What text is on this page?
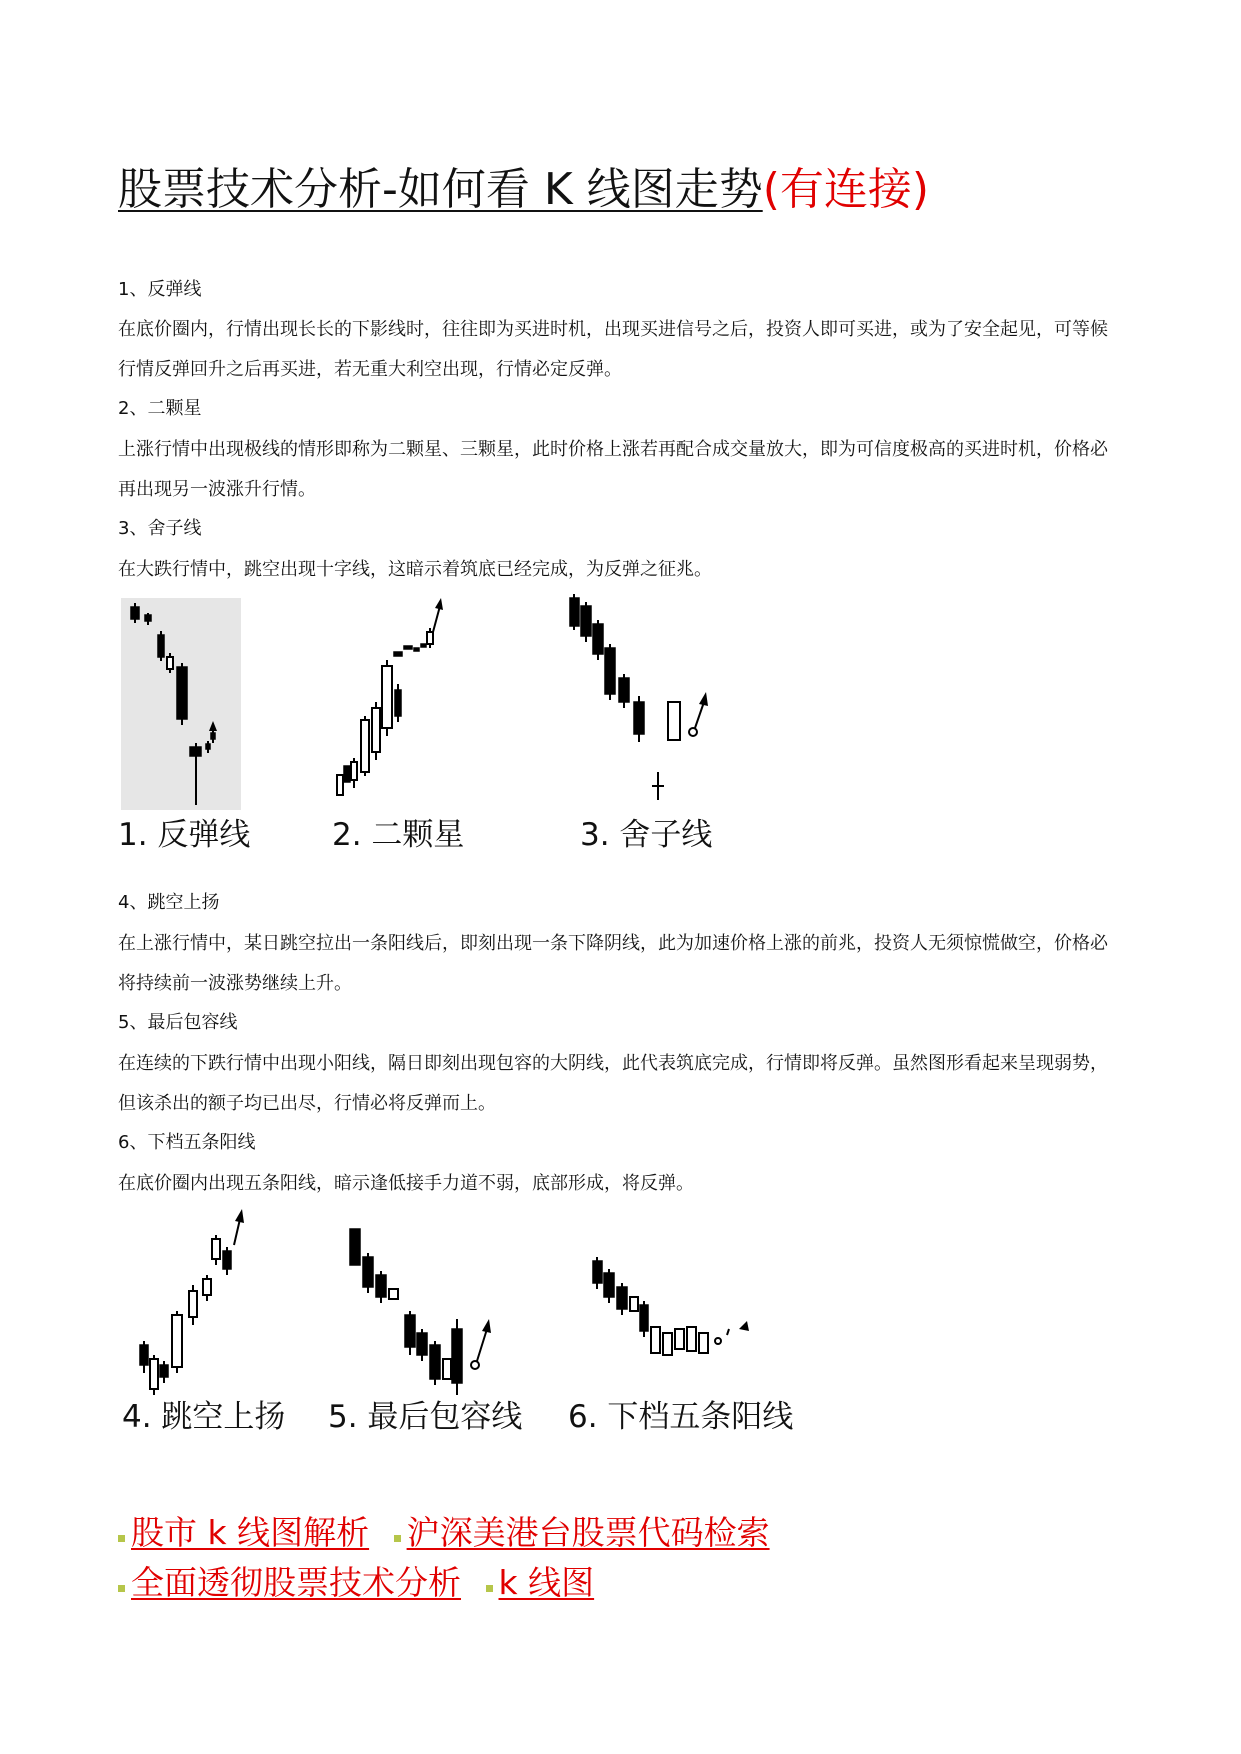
股票技术分析-如何看 K 线图走势(有连接)
1、反弹线
在底价圈内，行情出现长长的下影线时，往往即为买进时机，出现买进信号之后，投资人即可买进，或为了安全起见，可等候行情反弹回升之后再买进，若无重大利空出现，行情必定反弹。
2、二颗星
上涨行情中出现极线的情形即称为二颗星、三颗星，此时价格上涨若再配合成交量放大，即为可信度极高的买进时机，价格必再出现另一波涨升行情。
3、舍子线
在大跌行情中，跳空出现十字线，这暗示着筑底已经完成，为反弹之征兆。
1. 反弹线	2. 二颗星	3. 舍子线
4、跳空上扬
在上涨行情中，某日跳空拉出一条阳线后，即刻出现一条下降阴线，此为加速价格上涨的前兆，投资人无须惊慌做空，价格必将持续前一波涨势继续上升。
5、最后包容线
在连续的下跌行情中出现小阳线，隔日即刻出现包容的大阴线，此代表筑底完成，行情即将反弹。虽然图形看起来呈现弱势，但该杀出的额子均已出尽，行情必将反弹而上。
6、下档五条阳线
在底价圈内出现五条阳线，暗示逢低接手力道不弱，底部形成，将反弹。
4. 跳空上扬 5. 最后包容线 6. 下档五条阳线
股市 k 线图解析 沪深美港台股票代码检索 全面透彻股票技术分析 k 线图
